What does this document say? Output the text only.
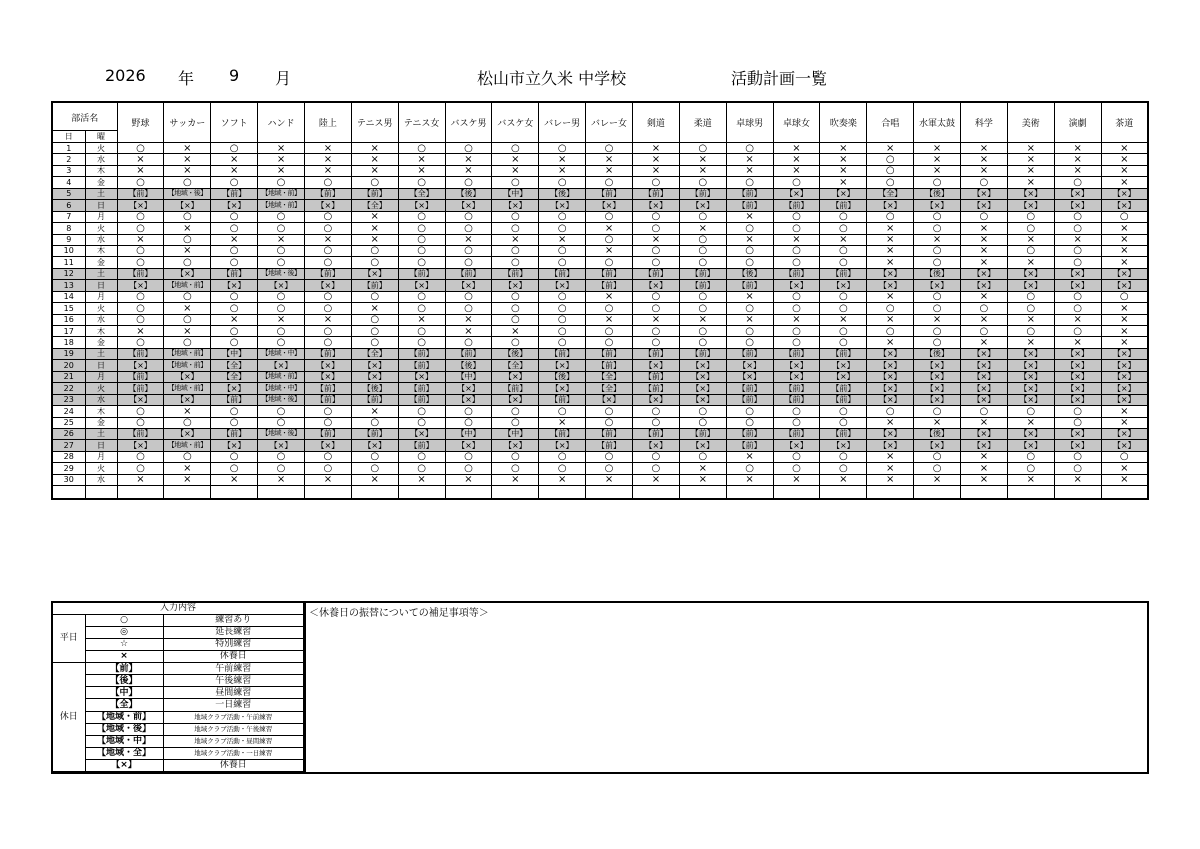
2026 年 9 月	松山市立久米 中学校	活動計画一覧
部活名		野球	サッカー	ソフト	ハンド	陸上	テニス男	テニス女	バスケ男	バスケ女	バレー男	バレー女	剣道	柔道	卓球男	卓球女	吹奏楽	合唱	水軍太鼓	科学	美術	演劇	茶道
日	曜																						
1	火	○	×	○	×	×	×	○	○	○	○	○	×	○	○	×	×	×	×	×	×	×	×
2	水	×	×	×	×	×	×	×	×	×	×	×	×	×	×	×	×	○	×	×	×	×	×
3	木	×	×	×	×	×	×	×	×	×	×	×	×	×	×	×	×	○	×	×	×	×	×
4	金	○	○	○	○	○	○	○	○	○	○	○	○	○	○	○	×	○	○	○	×	○	×
5	土	【前】	【地域・後】	【前】	【地域・前】	【前】	【前】	【全】	【後】	【中】	【後】	【前】	【前】	【前】	【前】	【×】	【×】	【全】	【後】	【×】	【×】	【×】	【×】
6	日	【×】	【×】	【×】	【地域・前】	【×】	【全】	【×】	【×】	【×】	【×】	【×】	【×】	【×】	【前】	【前】	【前】	【×】	【×】	【×】	【×】	【×】	【×】
7	月	○	○	○	○	○	×	○	○	○	○	○	○	○	×	○	○	○	○	○	○	○	○
8	火	○	×	○	○	○	×	○	○	○	○	×	○	×	○	○	○	×	○	×	○	○	×
9	水	×	○	×	×	×	×	○	×	×	×	○	×	○	×	×	×	×	×	×	×	×	×
10	木	○	×	○	○	○	○	○	○	○	○	×	○	○	○	○	○	×	○	×	○	○	×
11	金	○	○	○	○	○	○	○	○	○	○	○	○	○	○	○	○	×	○	×	×	○	×
12	土	【前】	【×】	【前】	【地域・後】	【前】	【×】	【前】	【前】	【前】	【前】	【前】	【前】	【前】	【後】	【前】	【前】	【×】	【後】	【×】	【×】	【×】	【×】
13	日	【×】	【地域・前】	【×】	【×】	【×】	【前】	【×】	【×】	【×】	【×】	【前】	【×】	【前】	【前】	【×】	【×】	【×】	【×】	【×】	【×】	【×】	【×】
14	月	○	○	○	○	○	○	○	○	○	○	×	○	○	×	○	○	×	○	×	○	○	○
15	火	○	×	○	○	○	×	○	○	○	○	○	○	○	○	○	○	○	○	○	○	○	×
16	水	○	○	×	×	×	○	×	×	○	○	×	×	×	×	×	×	×	×	×	×	×	×
17	木	×	×	○	○	○	○	○	×	×	○	○	○	○	○	○	○	○	○	○	○	○	×
18	金	○	○	○	○	○	○	○	○	○	○	○	○	○	○	○	○	×	○	×	×	×	×
19	土	【前】	【地域・前】	【中】	【地域・中】	【前】	【全】	【前】	【前】	【後】	【前】	【前】	【前】	【前】	【前】	【前】	【前】	【×】	【後】	【×】	【×】	【×】	【×】
20	日	【×】	【地域・前】	【全】	【×】	【×】	【×】	【前】	【後】	【全】	【×】	【前】	【×】	【×】	【×】	【×】	【×】	【×】	【×】	【×】	【×】	【×】	【×】
21	月	【前】	【×】	【全】	【地域・前】	【×】	【×】	【×】	【中】	【×】	【後】	【全】	【前】	【×】	【×】	【×】	【×】	【×】	【×】	【×】	【×】	【×】	【×】
22	火	【前】	【地域・前】	【×】	【地域・中】	【前】	【後】	【前】	【×】	【前】	【×】	【全】	【前】	【×】	【前】	【前】	【前】	【×】	【×】	【×】	【×】	【×】	【×】
23	水	【×】	【×】	【前】	【地域・後】	【前】	【前】	【前】	【×】	【×】	【前】	【×】	【×】	【×】	【前】	【前】	【前】	【×】	【×】	【×】	【×】	【×】	【×】
24	木	○	×	○	○	○	×	○	○	○	○	○	○	○	○	○	○	○	○	○	○	○	×
25	金	○	○	○	○	○	○	○	○	○	×	○	○	○	○	○	○	×	×	×	×	○	×
26	土	【前】	【×】	【前】	【地域・後】	【前】	【前】	【×】	【中】	【中】	【前】	【前】	【前】	【前】	【前】	【前】	【前】	【×】	【後】	【×】	【×】	【×】	【×】
27	日	【×】	【地域・前】	【×】	【×】	【×】	【×】	【前】	【×】	【×】	【×】	【前】	【×】	【×】	【前】	【×】	【×】	【×】	【×】	【×】	【×】	【×】	【×】
28	月	○	○	○	○	○	○	○	○	○	○	○	○	○	×	○	○	×	○	×	○	○	○
29	火	○	×	○	○	○	○	○	○	○	○	○	○	×	○	○	○	×	○	×	○	○	×
30	水	×	×	×	×	×	×	×	×	×	×	×	×	×	×	×	×	×	×	×	×	×	×

入力内容		
平日	○	練習あり
	◎	延長練習
	☆	特別練習
	×	休養日
休日	【前】	午前練習
	【後】	午後練習
	【中】	昼間練習
	【全】	一日練習
	【地域・前】	地域クラブ活動・午前練習
	【地域・後】	地域クラブ活動・午後練習
	【地域・中】	地域クラブ活動・昼間練習
	【地域・全】	地域クラブ活動・一日練習
	【×】	休養日
＜休養日の振替についての補足事項等＞
